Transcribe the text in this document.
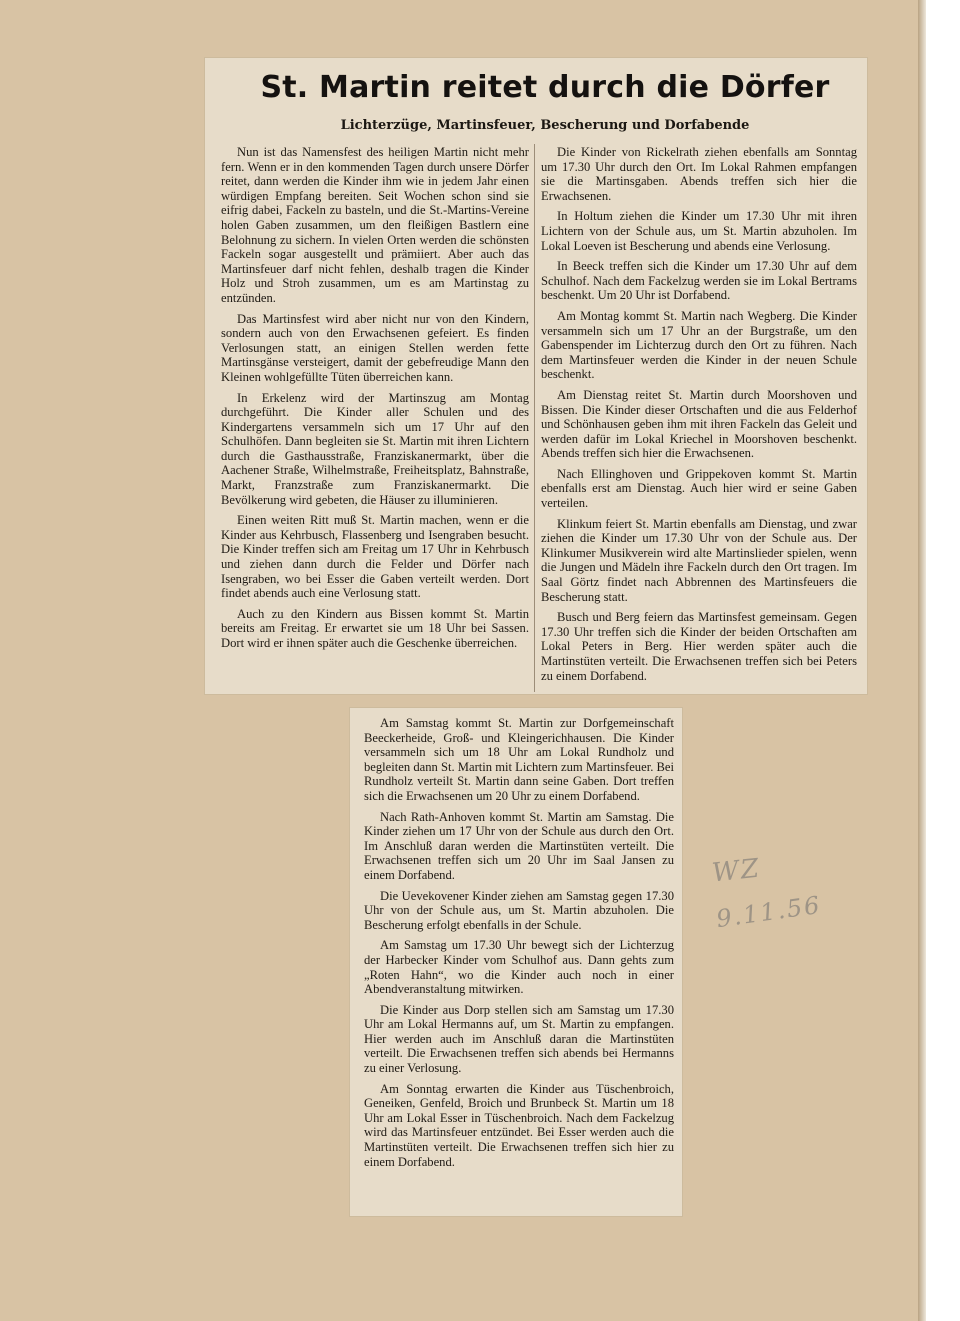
St. Martin reitet durch die Dörfer
Lichterzüge, Martinsfeuer, Bescherung und Dorfabende

Nun ist das Namensfest des heiligen Martin nicht mehr fern. Wenn er in den kommenden Tagen durch unsere Dörfer reitet, dann werden die Kinder ihm wie in jedem Jahr einen würdigen Empfang bereiten. Seit Wochen schon sind sie eifrig dabei, Fackeln zu basteln, und die St.-Martins-Vereine holen Gaben zusammen, um den fleißigen Bastlern eine Belohnung zu sichern. In vielen Orten werden die schönsten Fackeln sogar ausgestellt und prämiiert. Aber auch das Martinsfeuer darf nicht fehlen, deshalb tragen die Kinder Holz und Stroh zusammen, um es am Martinstag zu entzünden.

Das Martinsfest wird aber nicht nur von den Kindern, sondern auch von den Erwachsenen gefeiert. Es finden Verlosungen statt, an einigen Stellen werden fette Martinsgänse versteigert, damit der gebefreudige Mann den Kleinen wohlgefüllte Tüten überreichen kann.

In Erkelenz wird der Martinszug am Montag durchgeführt. Die Kinder aller Schulen und des Kindergartens versammeln sich um 17 Uhr auf den Schulhöfen. Dann begleiten sie St. Martin mit ihren Lichtern durch die Gasthausstraße, Franziskanermarkt, über die Aachener Straße, Wilhelmstraße, Freiheitsplatz, Bahnstraße, Markt, Franzstraße zum Franziskanermarkt. Die Bevölkerung wird gebeten, die Häuser zu illuminieren.

Einen weiten Ritt muß St. Martin machen, wenn er die Kinder aus Kehrbusch, Flassenberg und Isengraben besucht. Die Kinder treffen sich am Freitag um 17 Uhr in Kehrbusch und ziehen dann durch die Felder und Dörfer nach Isengraben, wo bei Esser die Gaben verteilt werden. Dort findet abends auch eine Verlosung statt.

Auch zu den Kindern aus Bissen kommt St. Martin bereits am Freitag. Er erwartet sie um 18 Uhr bei Sassen. Dort wird er ihnen später auch die Geschenke überreichen.

Die Kinder von Rickelrath ziehen ebenfalls am Sonntag um 17.30 Uhr durch den Ort. Im Lokal Rahmen empfangen sie die Martinsgaben. Abends treffen sich hier die Erwachsenen.

In Holtum ziehen die Kinder um 17.30 Uhr mit ihren Lichtern von der Schule aus, um St. Martin abzuholen. Im Lokal Loeven ist Bescherung und abends eine Verlosung.

In Beeck treffen sich die Kinder um 17.30 Uhr auf dem Schulhof. Nach dem Fackelzug werden sie im Lokal Bertrams beschenkt. Um 20 Uhr ist Dorfabend.

Am Montag kommt St. Martin nach Wegberg. Die Kinder versammeln sich um 17 Uhr an der Burgstraße, um den Gabenspender im Lichterzug durch den Ort zu führen. Nach dem Martinsfeuer werden die Kinder in der neuen Schule beschenkt.

Am Dienstag reitet St. Martin durch Moorshoven und Bissen. Die Kinder dieser Ortschaften und die aus Felderhof und Schönhausen geben ihm mit ihren Fackeln das Geleit und werden dafür im Lokal Kriechel in Moorshoven beschenkt. Abends treffen sich hier die Erwachsenen.

Nach Ellinghoven und Grippekoven kommt St. Martin ebenfalls erst am Dienstag. Auch hier wird er seine Gaben verteilen.

Klinkum feiert St. Martin ebenfalls am Dienstag, und zwar ziehen die Kinder um 17.30 Uhr von der Schule aus. Der Klinkumer Musikverein wird alte Martinslieder spielen, wenn die Jungen und Mädeln ihre Fackeln durch den Ort tragen. Im Saal Görtz findet nach Abbrennen des Martinsfeuers die Bescherung statt.

Busch und Berg feiern das Martinsfest gemeinsam. Gegen 17.30 Uhr treffen sich die Kinder der beiden Ortschaften am Lokal Peters in Berg. Hier werden später auch die Martinstüten verteilt. Die Erwachsenen treffen sich bei Peters zu einem Dorfabend.

Am Samstag kommt St. Martin zur Dorfgemeinschaft Beeckerheide, Groß- und Kleingerichhausen. Die Kinder versammeln sich um 18 Uhr am Lokal Rundholz und begleiten dann St. Martin mit Lichtern zum Martinsfeuer. Bei Rundholz verteilt St. Martin dann seine Gaben. Dort treffen sich die Erwachsenen um 20 Uhr zu einem Dorfabend.

Nach Rath-Anhoven kommt St. Martin am Samstag. Die Kinder ziehen um 17 Uhr von der Schule aus durch den Ort. Im Anschluß daran werden die Martinstüten verteilt. Die Erwachsenen treffen sich um 20 Uhr im Saal Jansen zu einem Dorfabend.

Die Uevekovener Kinder ziehen am Samstag gegen 17.30 Uhr von der Schule aus, um St. Martin abzuholen. Die Bescherung erfolgt ebenfalls in der Schule.

Am Samstag um 17.30 Uhr bewegt sich der Lichterzug der Harbecker Kinder vom Schulhof aus. Dann gehts zum „Roten Hahn“, wo die Kinder auch noch in einer Abendveranstaltung mitwirken.

Die Kinder aus Dorp stellen sich am Samstag um 17.30 Uhr am Lokal Hermanns auf, um St. Martin zu empfangen. Hier werden auch im Anschluß daran die Martinstüten verteilt. Die Erwachsenen treffen sich abends bei Hermanns zu einer Verlosung.

Am Sonntag erwarten die Kinder aus Tüschenbroich, Geneiken, Genfeld, Broich und Brunbeck St. Martin um 18 Uhr am Lokal Esser in Tüschenbroich. Nach dem Fackelzug wird das Martinsfeuer entzündet. Bei Esser werden auch die Martinstüten verteilt. Die Erwachsenen treffen sich hier zu einem Dorfabend.

WZ
9.11.56
